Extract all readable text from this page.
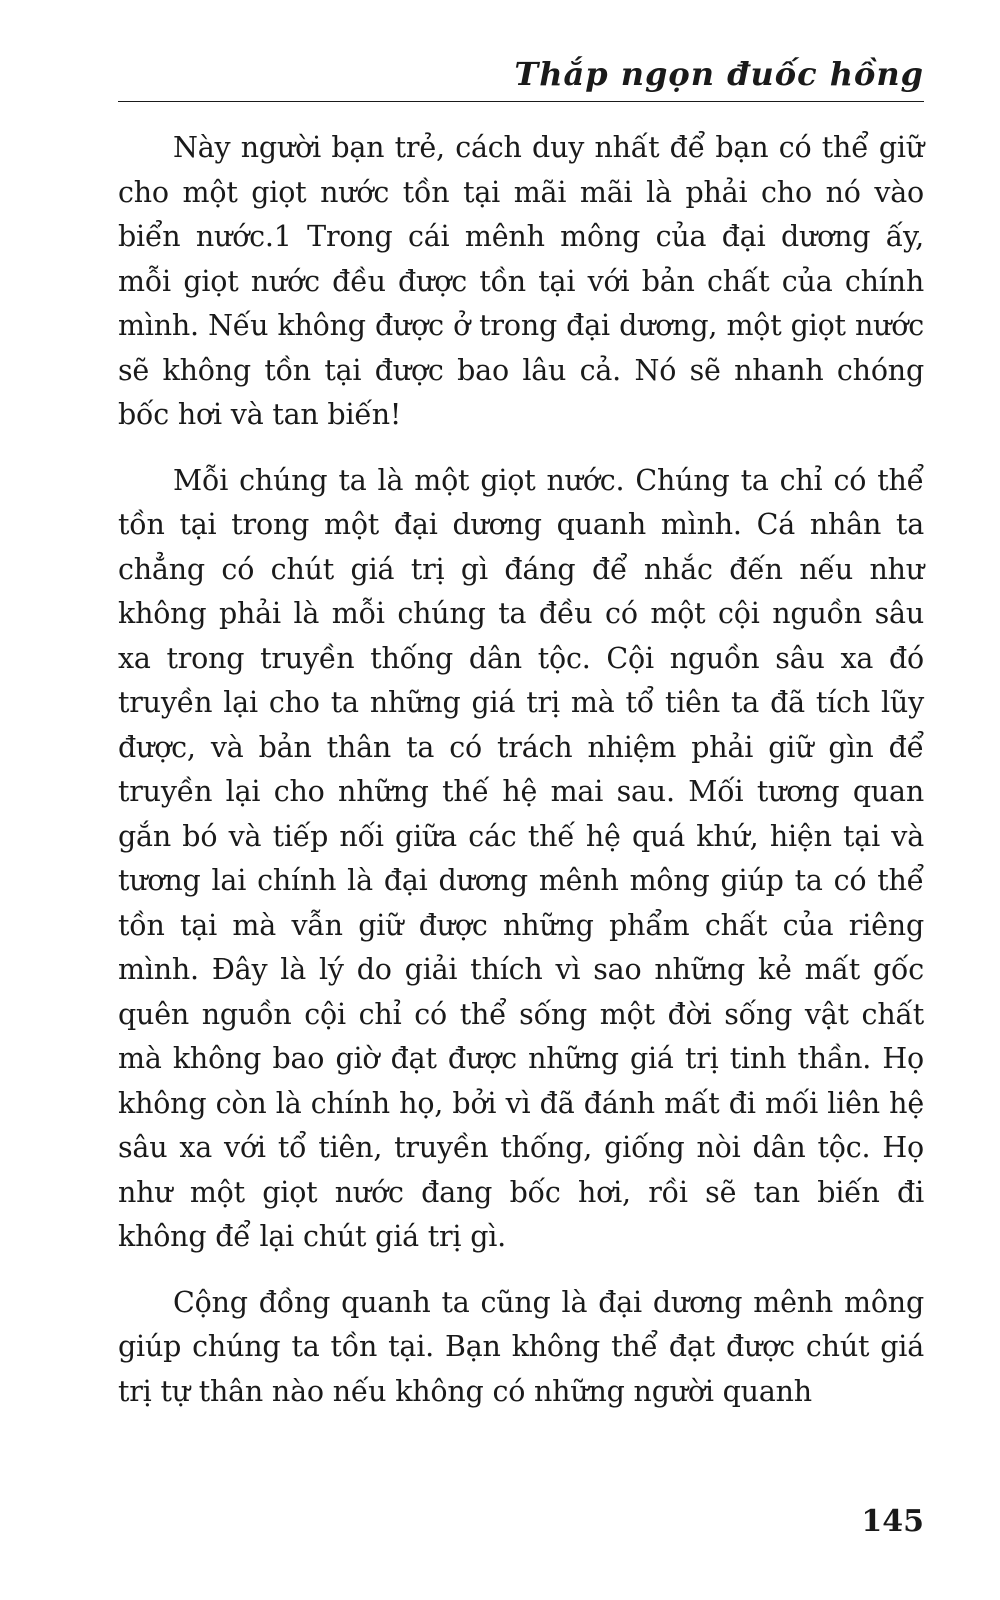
Thắp ngọn đuốc hồng

Này người bạn trẻ, cách duy nhất để bạn có thể giữ cho một giọt nước tồn tại mãi mãi là phải cho nó vào biển nước.1 Trong cái mênh mông của đại dương ấy, mỗi giọt nước đều được tồn tại với bản chất của chính mình. Nếu không được ở trong đại dương, một giọt nước sẽ không tồn tại được bao lâu cả. Nó sẽ nhanh chóng bốc hơi và tan biến!

Mỗi chúng ta là một giọt nước. Chúng ta chỉ có thể tồn tại trong một đại dương quanh mình. Cá nhân ta chẳng có chút giá trị gì đáng để nhắc đến nếu như không phải là mỗi chúng ta đều có một cội nguồn sâu xa trong truyền thống dân tộc. Cội nguồn sâu xa đó truyền lại cho ta những giá trị mà tổ tiên ta đã tích lũy được, và bản thân ta có trách nhiệm phải giữ gìn để truyền lại cho những thế hệ mai sau. Mối tương quan gắn bó và tiếp nối giữa các thế hệ quá khứ, hiện tại và tương lai chính là đại dương mênh mông giúp ta có thể tồn tại mà vẫn giữ được những phẩm chất của riêng mình. Đây là lý do giải thích vì sao những kẻ mất gốc quên nguồn cội chỉ có thể sống một đời sống vật chất mà không bao giờ đạt được những giá trị tinh thần. Họ không còn là chính họ, bởi vì đã đánh mất đi mối liên hệ sâu xa với tổ tiên, truyền thống, giống nòi dân tộc. Họ như một giọt nước đang bốc hơi, rồi sẽ tan biến đi không để lại chút giá trị gì.

Cộng đồng quanh ta cũng là đại dương mênh mông giúp chúng ta tồn tại. Bạn không thể đạt được chút giá trị tự thân nào nếu không có những người quanh

145
